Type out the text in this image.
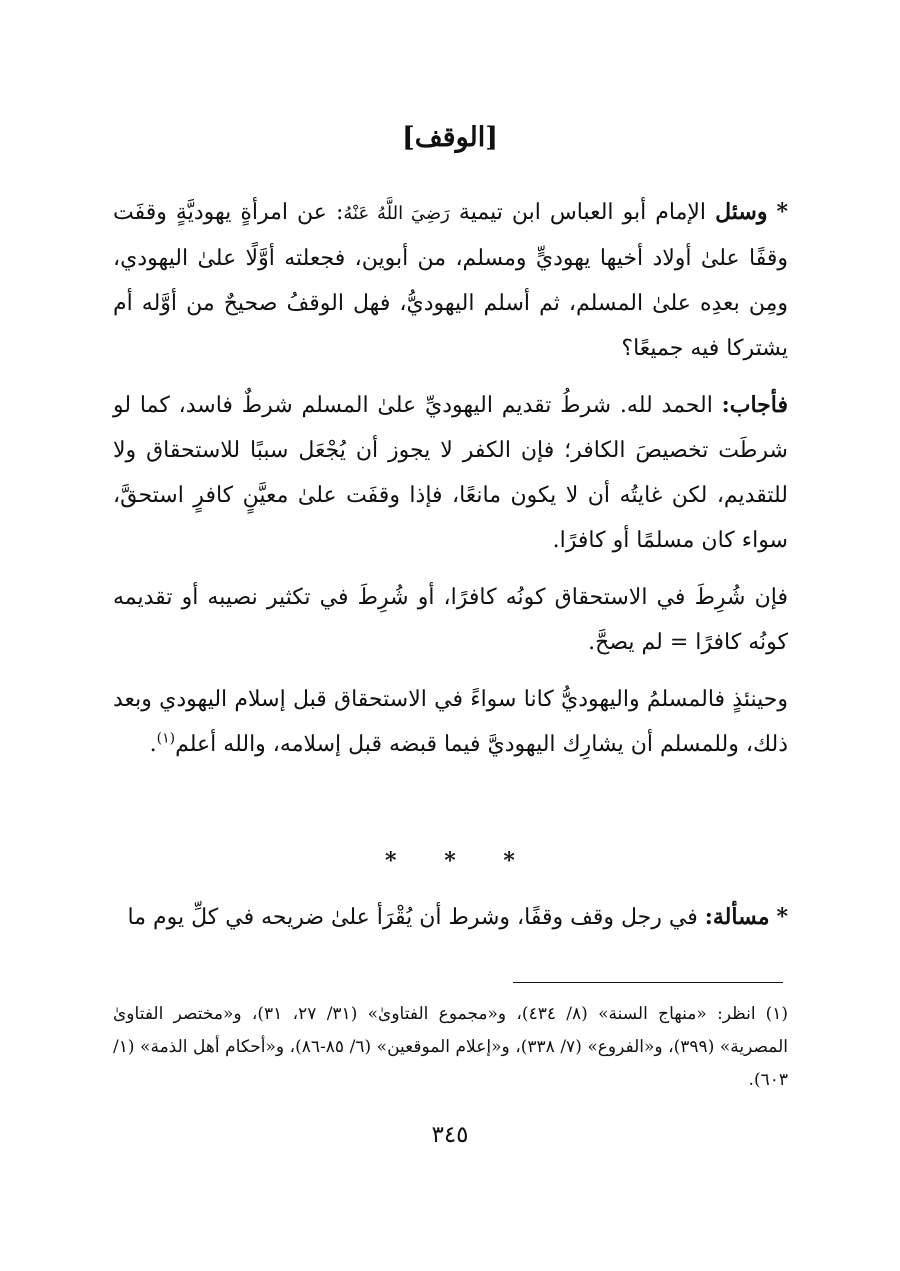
[الوقف]

* وسئل الإمام أبو العباس ابن تيمية رَضِيَ اللَّهُ عَنْهُ: عن امرأةٍ يهوديَّةٍ وقفَت وقفًا علىٰ أولاد أخيها يهوديٍّ ومسلم، من أبوين، فجعلته أوَّلًا علىٰ اليهودي، ومِن بعدِه علىٰ المسلم، ثم أسلم اليهوديُّ، فهل الوقفُ صحيحٌ من أوَّله أم يشتركا فيه جميعًا؟

فأجاب: الحمد لله. شرطُ تقديم اليهوديِّ علىٰ المسلم شرطٌ فاسد، كما لو شرطَت تخصيصَ الكافر؛ فإن الكفر لا يجوز أن يُجْعَل سببًا للاستحقاق ولا للتقديم، لكن غايتُه أن لا يكون مانعًا، فإذا وقفَت علىٰ معيَّنٍ كافرٍ استحقَّ، سواء كان مسلمًا أو كافرًا.

فإن شُرِطَ في الاستحقاق كونُه كافرًا، أو شُرِطَ في تكثير نصيبه أو تقديمه كونُه كافرًا = لم يصحَّ.

وحينئذٍ فالمسلمُ واليهوديُّ كانا سواءً في الاستحقاق قبل إسلام اليهودي وبعد ذلك، وللمسلم أن يشارِك اليهوديَّ فيما قبضه قبل إسلامه، والله أعلم$^{(١)}$.

* * *
* مسألة: في رجل وقف وقفًا، وشرط أن يُقْرَأ علىٰ ضريحه في كلِّ يوم ما

(١)انظر: «منهاج السنة» (٨/ ٤٣٤)، و«مجموع الفتاوىٰ» (٣١/ ٢٧، ٣١)، و«مختصر الفتاوىٰ المصرية» (٣٩٩)، و«الفروع» (٧/ ٣٣٨)، و«إعلام الموقعين» (٦/ ٨٥-٨٦)، و«أحكام أهل الذمة» (١/ ٦٠٣).

٣٤٥
